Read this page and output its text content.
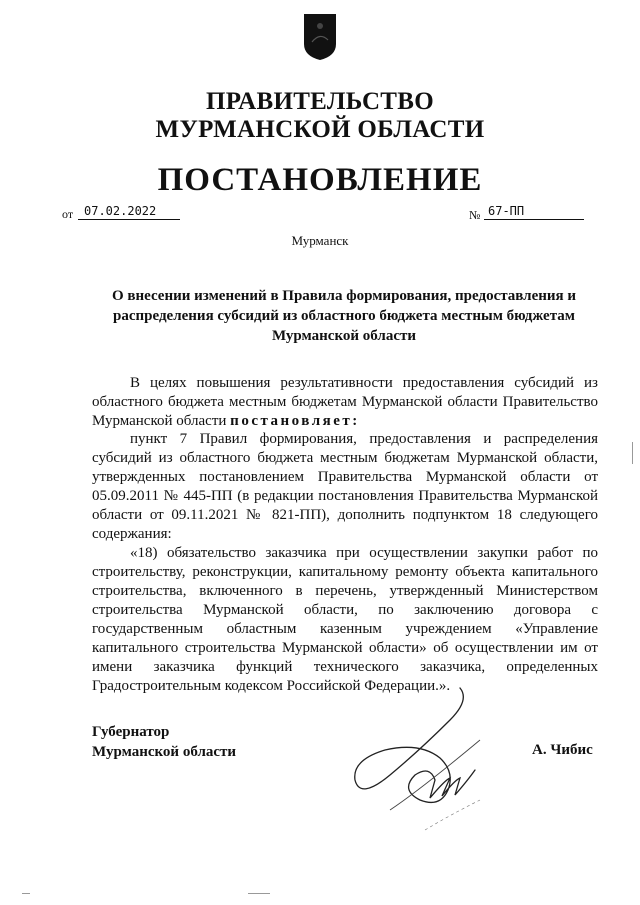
ПРАВИТЕЛЬСТВО
МУРМАНСКОЙ ОБЛАСТИ
ПОСТАНОВЛЕНИЕ
от 07.02.2022	№ 67-ПП
Мурманск
О внесении изменений в Правила формирования, предоставления и распределения субсидий из областного бюджета местным бюджетам Мурманской области
В целях повышения результативности предоставления субсидий из областного бюджета местным бюджетам Мурманской области Правительство Мурманской области постановляет:
пункт 7 Правил формирования, предоставления и распределения субсидий из областного бюджета местным бюджетам Мурманской области, утвержденных постановлением Правительства Мурманской области от 05.09.2011 № 445-ПП (в редакции постановления Правительства Мурманской области от 09.11.2021 № 821-ПП), дополнить подпунктом 18 следующего содержания:
«18) обязательство заказчика при осуществлении закупки работ по строительству, реконструкции, капитальному ремонту объекта капитального строительства, включенного в перечень, утвержденный Министерством строительства Мурманской области, по заключению договора с государственным областным казенным учреждением «Управление капитального строительства Мурманской области» об осуществлении им от имени заказчика функций технического заказчика, определенных Градостроительным кодексом Российской Федерации.».
Губернатор
Мурманской области	А. Чибис
